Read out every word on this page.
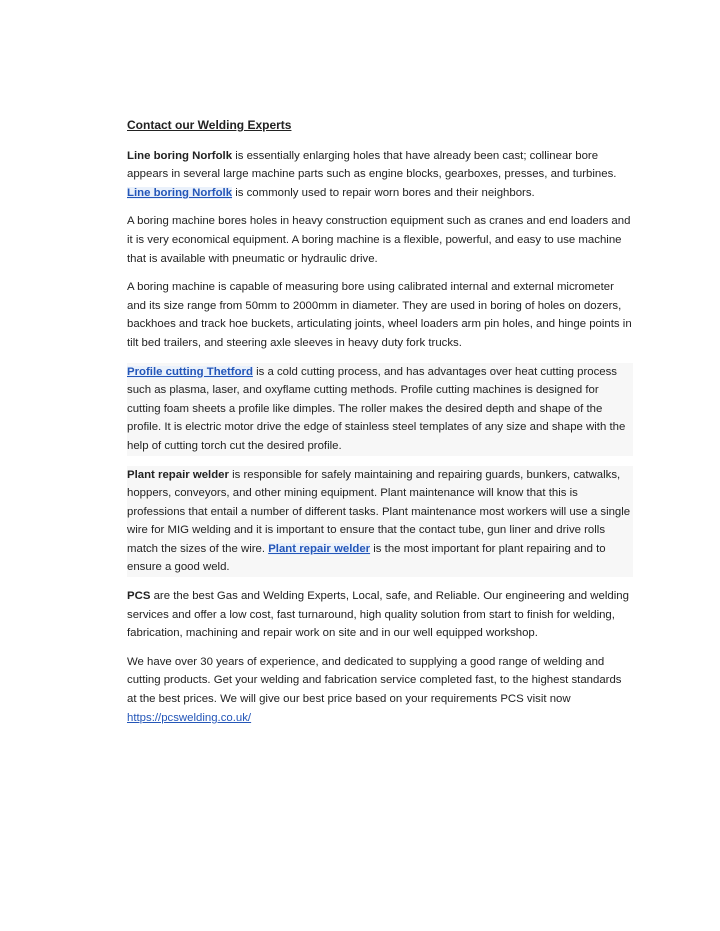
Contact our Welding Experts

Line boring Norfolk is essentially enlarging holes that have already been cast; collinear bore appears in several large machine parts such as engine blocks, gearboxes, presses, and turbines. Line boring Norfolk is commonly used to repair worn bores and their neighbors.

A boring machine bores holes in heavy construction equipment such as cranes and end loaders and it is very economical equipment. A boring machine is a flexible, powerful, and easy to use machine that is available with pneumatic or hydraulic drive.

A boring machine is capable of measuring bore using calibrated internal and external micrometer and its size range from 50mm to 2000mm in diameter. They are used in boring of holes on dozers, backhoes and track hoe buckets, articulating joints, wheel loaders arm pin holes, and hinge points in tilt bed trailers, and steering axle sleeves in heavy duty fork trucks.

Profile cutting Thetford is a cold cutting process, and has advantages over heat cutting process such as plasma, laser, and oxyflame cutting methods. Profile cutting machines is designed for cutting foam sheets a profile like dimples. The roller makes the desired depth and shape of the profile. It is electric motor drive the edge of stainless steel templates of any size and shape with the help of cutting torch cut the desired profile.

Plant repair welder is responsible for safely maintaining and repairing guards, bunkers, catwalks, hoppers, conveyors, and other mining equipment. Plant maintenance will know that this is professions that entail a number of different tasks. Plant maintenance most workers will use a single wire for MIG welding and it is important to ensure that the contact tube, gun liner and drive rolls match the sizes of the wire. Plant repair welder is the most important for plant repairing and to ensure a good weld.

PCS are the best Gas and Welding Experts, Local, safe, and Reliable. Our engineering and welding services and offer a low cost, fast turnaround, high quality solution from start to finish for welding, fabrication, machining and repair work on site and in our well equipped workshop.

We have over 30 years of experience, and dedicated to supplying a good range of welding and cutting products. Get your welding and fabrication service completed fast, to the highest standards at the best prices. We will give our best price based on your requirements PCS visit now https://pcswelding.co.uk/
